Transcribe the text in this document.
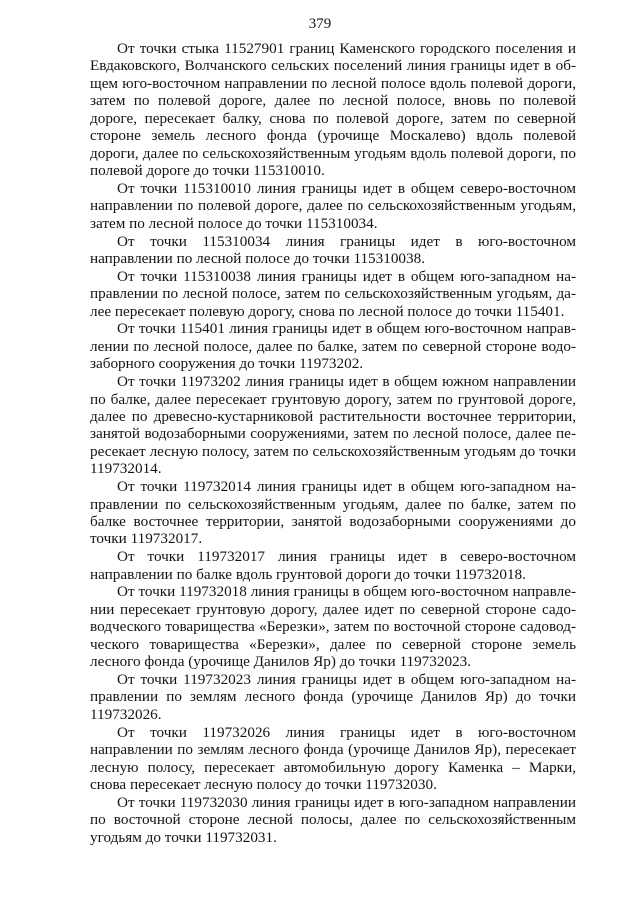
379

От точки стыка 11527901 границ Каменского городского поселения и Евдаковского, Волчанского сельских поселений линия границы идет в общем юго-восточном направлении по лесной полосе вдоль полевой дороги, затем по полевой дороге, далее по лесной полосе, вновь по полевой дороге, пересекает балку, снова по полевой дороге, затем по северной стороне земель лесного фонда (урочище Москалево) вдоль полевой дороги, далее по сельскохозяйственным угодьям вдоль полевой дороги, по полевой дороге до точки 115310010.

От точки 115310010 линия границы идет в общем северо-восточном направлении по полевой дороге, далее по сельскохозяйственным угодьям, затем по лесной полосе до точки 115310034.

От точки 115310034 линия границы идет в юго-восточном направлении по лесной полосе до точки 115310038.

От точки 115310038 линия границы идет в общем юго-западном направлении по лесной полосе, затем по сельскохозяйственным угодьям, далее пересекает полевую дорогу, снова по лесной полосе до точки 115401.

От точки 115401 линия границы идет в общем юго-восточном направлении по лесной полосе, далее по балке, затем по северной стороне водозаборного сооружения до точки 11973202.

От точки 11973202 линия границы идет в общем южном направлении по балке, далее пересекает грунтовую дорогу, затем по грунтовой дороге, далее по древесно-кустарниковой растительности восточнее территории, занятой водозаборными сооружениями, затем по лесной полосе, далее пересекает лесную полосу, затем по сельскохозяйственным угодьям до точки 119732014.

От точки 119732014 линия границы идет в общем юго-западном направлении по сельскохозяйственным угодьям, далее по балке, затем по балке восточнее территории, занятой водозаборными сооружениями до точки 119732017.

От точки 119732017 линия границы идет в северо-восточном направлении по балке вдоль грунтовой дороги до точки 119732018.

От точки 119732018 линия границы в общем юго-восточном направлении пересекает грунтовую дорогу, далее идет по северной стороне садоводческого товарищества «Березки», затем по восточной стороне садоводческого товарищества «Березки», далее по северной стороне земель лесного фонда (урочище Данилов Яр) до точки 119732023.

От точки 119732023 линия границы идет в общем юго-западном направлении по землям лесного фонда (урочище Данилов Яр) до точки 119732026.

От точки 119732026 линия границы идет в юго-восточном направлении по землям лесного фонда (урочище Данилов Яр), пересекает лесную полосу, пересекает автомобильную дорогу Каменка – Марки, снова пересекает лесную полосу до точки 119732030.

От точки 119732030 линия границы идет в юго-западном направлении по восточной стороне лесной полосы, далее по сельскохозяйственным угодьям до точки 119732031.
